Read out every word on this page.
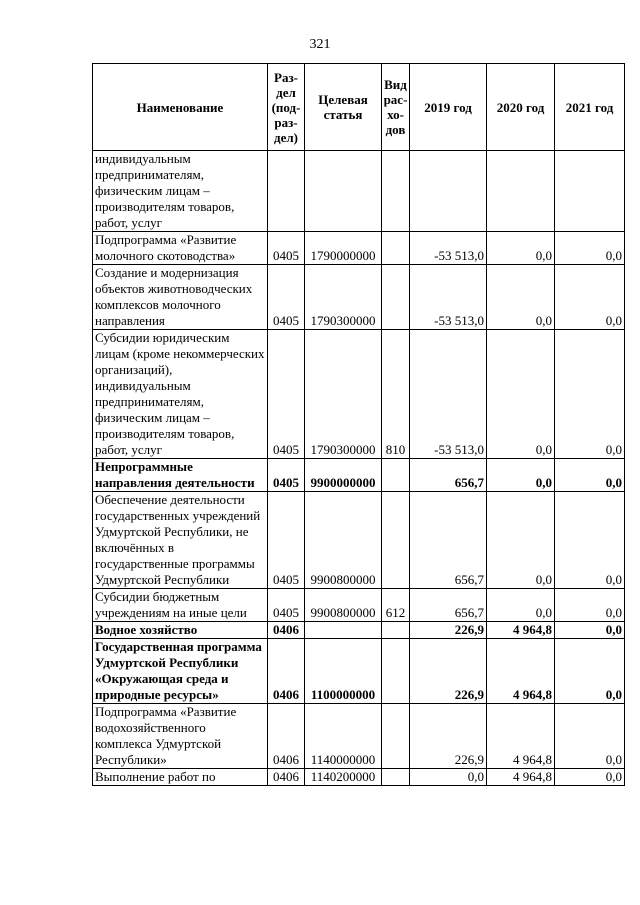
321
Наименование	Раз-дел (под-раз-дел)	Целевая статья	Вид рас-хо-дов	2019 год	2020 год	2021 год
индивидуальным предпринимателям, физическим лицам – производителям товаров, работ, услуг						
Подпрограмма «Развитие молочного скотоводства»	0405	1790000000		-53 513,0	0,0	0,0
Создание и модернизация объектов животноводческих комплексов молочного направления	0405	1790300000		-53 513,0	0,0	0,0
Субсидии юридическим лицам (кроме некоммерческих организаций), индивидуальным предпринимателям, физическим лицам – производителям товаров, работ, услуг	0405	1790300000	810	-53 513,0	0,0	0,0
Непрограммные направления деятельности	0405	9900000000		656,7	0,0	0,0
Обеспечение деятельности государственных учреждений Удмуртской Республики, не включённых в государственные программы Удмуртской Республики	0405	9900800000		656,7	0,0	0,0
Субсидии бюджетным учреждениям на иные цели	0405	9900800000	612	656,7	0,0	0,0
Водное хозяйство	0406			226,9	4 964,8	0,0
Государственная программа Удмуртской Республики «Окружающая среда и природные ресурсы»	0406	1100000000		226,9	4 964,8	0,0
Подпрограмма «Развитие водохозяйственного комплекса Удмуртской Республики»	0406	1140000000		226,9	4 964,8	0,0
Выполнение работ по	0406	1140200000		0,0	4 964,8	0,0
